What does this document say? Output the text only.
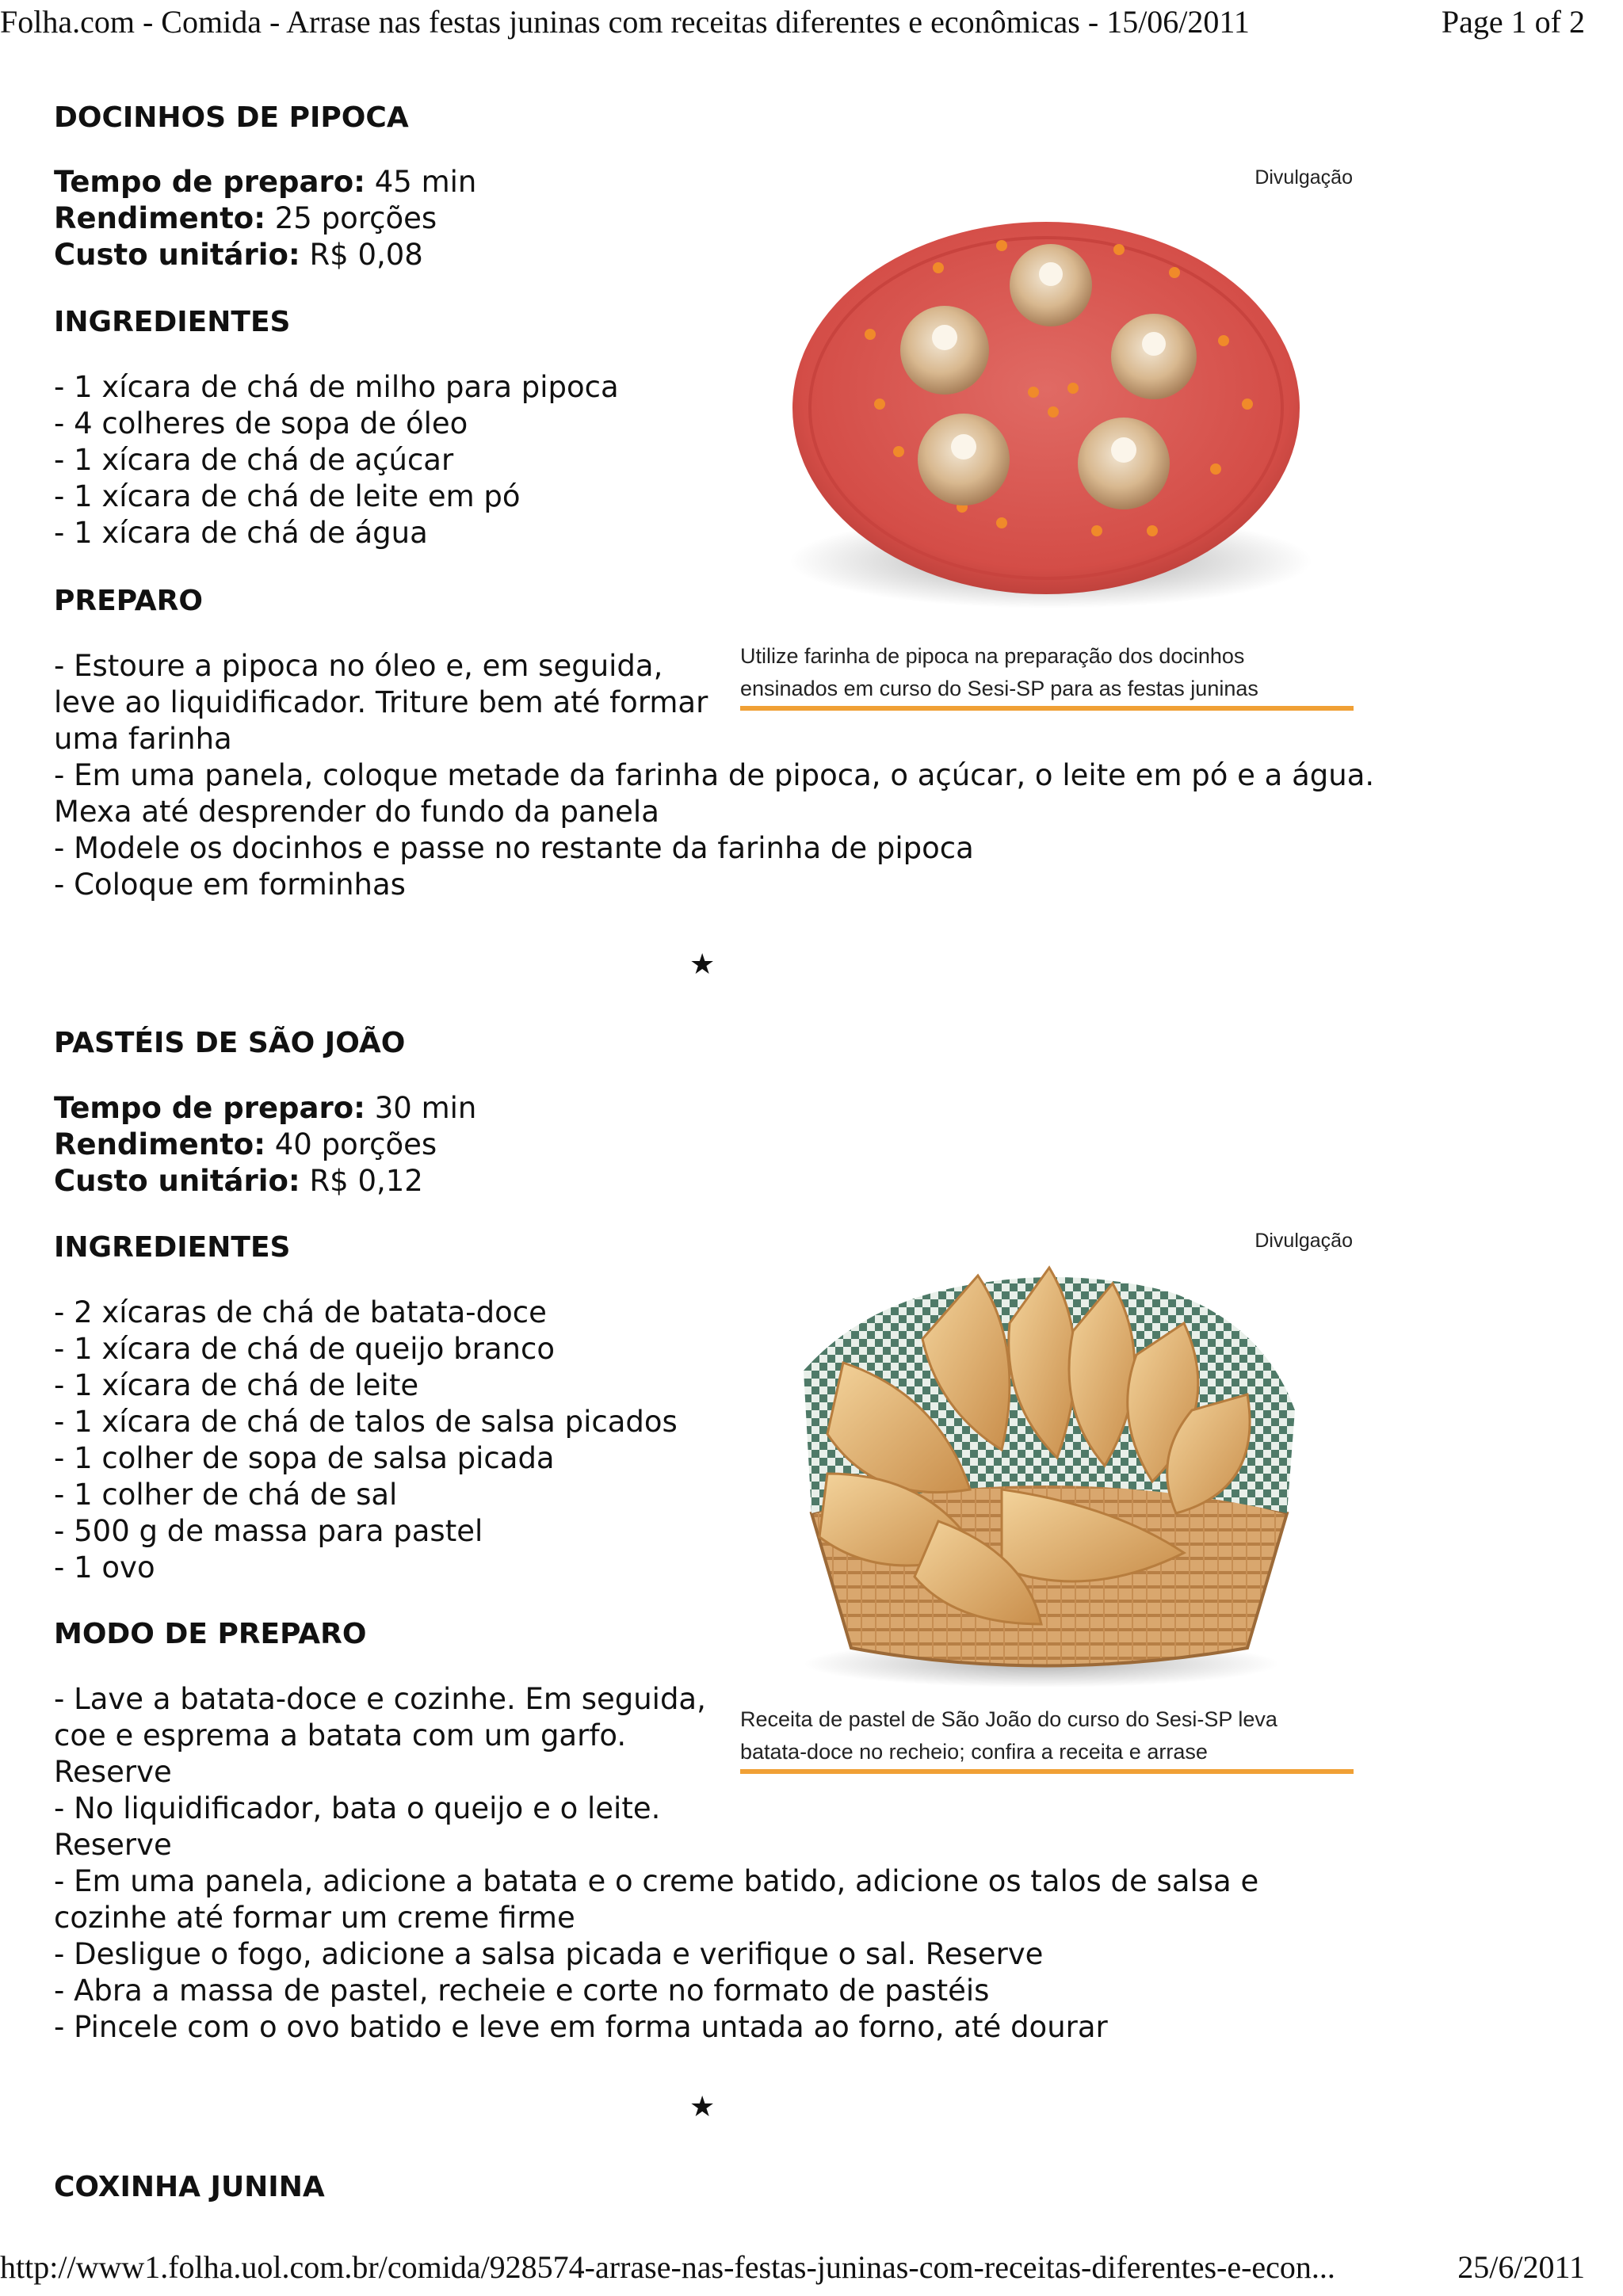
Folha.com - Comida - Arrase nas festas juninas com receitas diferentes e econômicas - 15/06/2011	Page 1 of 2
DOCINHOS DE PIPOCA
Tempo de preparo: 45 min
Rendimento: 25 porções
Custo unitário: R$ 0,08
INGREDIENTES
- 1 xícara de chá de milho para pipoca
- 4 colheres de sopa de óleo
- 1 xícara de chá de açúcar
- 1 xícara de chá de leite em pó
- 1 xícara de chá de água
PREPARO
- Estoure a pipoca no óleo e, em seguida,
leve ao liquidificador. Triture bem até formar
uma farinha
- Em uma panela, coloque metade da farinha de pipoca, o açúcar, o leite em pó e a água.
Mexa até desprender do fundo da panela
- Modele os docinhos e passe no restante da farinha de pipoca
- Coloque em forminhas
★
PASTÉIS DE SÃO JOÃO
Tempo de preparo: 30 min
Rendimento: 40 porções
Custo unitário: R$ 0,12
INGREDIENTES
- 2 xícaras de chá de batata-doce
- 1 xícara de chá de queijo branco
- 1 xícara de chá de leite
- 1 xícara de chá de talos de salsa picados
- 1 colher de sopa de salsa picada
- 1 colher de chá de sal
- 500 g de massa para pastel
- 1 ovo
MODO DE PREPARO
- Lave a batata-doce e cozinhe. Em seguida,
coe e esprema a batata com um garfo.
Reserve
- No liquidificador, bata o queijo e o leite.
Reserve
- Em uma panela, adicione a batata e o creme batido, adicione os talos de salsa e
cozinhe até formar um creme firme
- Desligue o fogo, adicione a salsa picada e verifique o sal. Reserve
- Abra a massa de pastel, recheie e corte no formato de pastéis
- Pincele com o ovo batido e leve em forma untada ao forno, até dourar
★
COXINHA JUNINA
Divulgação
Utilize farinha de pipoca na preparação dos docinhos
ensinados em curso do Sesi-SP para as festas juninas
Divulgação
Receita de pastel de São João do curso do Sesi-SP leva
batata-doce no recheio; confira a receita e arrase
http://www1.folha.uol.com.br/comida/928574-arrase-nas-festas-juninas-com-receitas-diferentes-e-econ...	25/6/2011
